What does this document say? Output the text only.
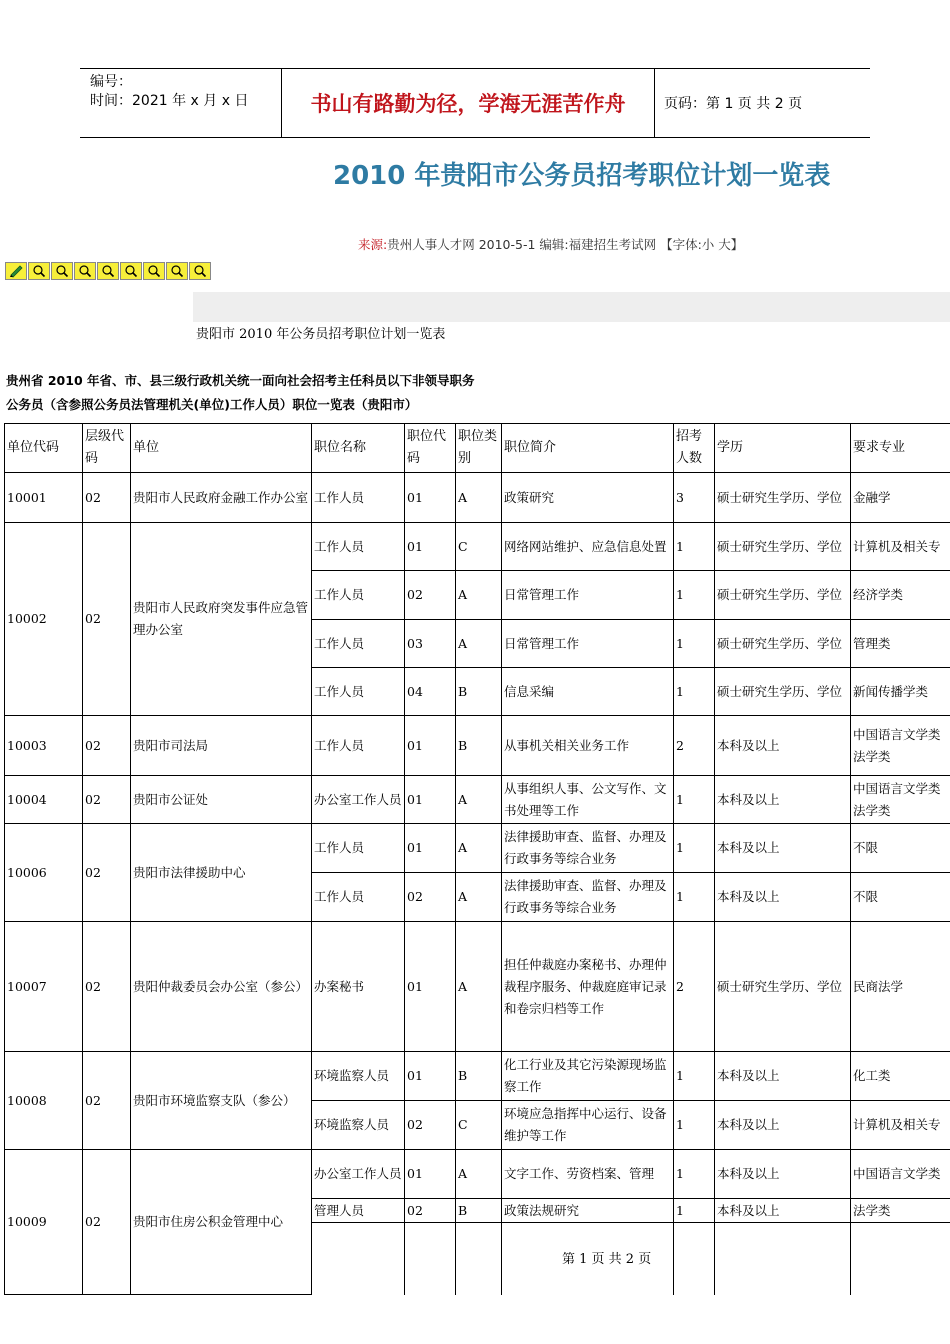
编号：
时间：2021 年 x 月 x 日	书山有路勤为径，学海无涯苦作舟	页码：第 1 页 共 2 页
2010 年贵阳市公务员招考职位计划一览表
来源:贵州人事人才网 2010-5-1 编辑:福建招生考试网 【字体:小 大】
贵阳市 2010 年公务员招考职位计划一览表
贵州省 2010 年省、市、县三级行政机关统一面向社会招考主任科员以下非领导职务
公务员（含参照公务员法管理机关(单位)工作人员）职位一览表（贵阳市）
单位代码	层级代码	单位	职位名称	职位代码	职位类别	职位简介	招考人数	学历	要求专业
10001	02	贵阳市人民政府金融工作办公室	工作人员	01	A	政策研究	3	硕士研究生学历、学位	金融学
10002	02	贵阳市人民政府突发事件应急管理办公室	工作人员	01	C	网络网站维护、应急信息处置	1	硕士研究生学历、学位	计算机及相关专
			工作人员	02	A	日常管理工作	1	硕士研究生学历、学位	经济学类
			工作人员	03	A	日常管理工作	1	硕士研究生学历、学位	管理类
			工作人员	04	B	信息采编	1	硕士研究生学历、学位	新闻传播学类
10003	02	贵阳市司法局	工作人员	01	B	从事机关相关业务工作	2	本科及以上	中国语言文学类 法学类
10004	02	贵阳市公证处	办公室工作人员	01	A	从事组织人事、公文写作、文书处理等工作	1	本科及以上	中国语言文学类 法学类
10006	02	贵阳市法律援助中心	工作人员	01	A	法律援助审查、监督、办理及行政事务等综合业务	1	本科及以上	不限
			工作人员	02	A	法律援助审查、监督、办理及行政事务等综合业务	1	本科及以上	不限
10007	02	贵阳仲裁委员会办公室（参公）	办案秘书	01	A	担任仲裁庭办案秘书、办理仲裁程序服务、仲裁庭庭审记录和卷宗归档等工作	2	硕士研究生学历、学位	民商法学
10008	02	贵阳市环境监察支队（参公）	环境监察人员	01	B	化工行业及其它污染源现场监察工作	1	本科及以上	化工类
			环境监察人员	02	C	环境应急指挥中心运行、设备维护等工作	1	本科及以上	计算机及相关专
10009	02	贵阳市住房公积金管理中心	办公室工作人员	01	A	文字工作、劳资档案、管理	1	本科及以上	中国语言文学类
			管理人员	02	B	政策法规研究	1	本科及以上	法学类

第 1 页 共 2 页
